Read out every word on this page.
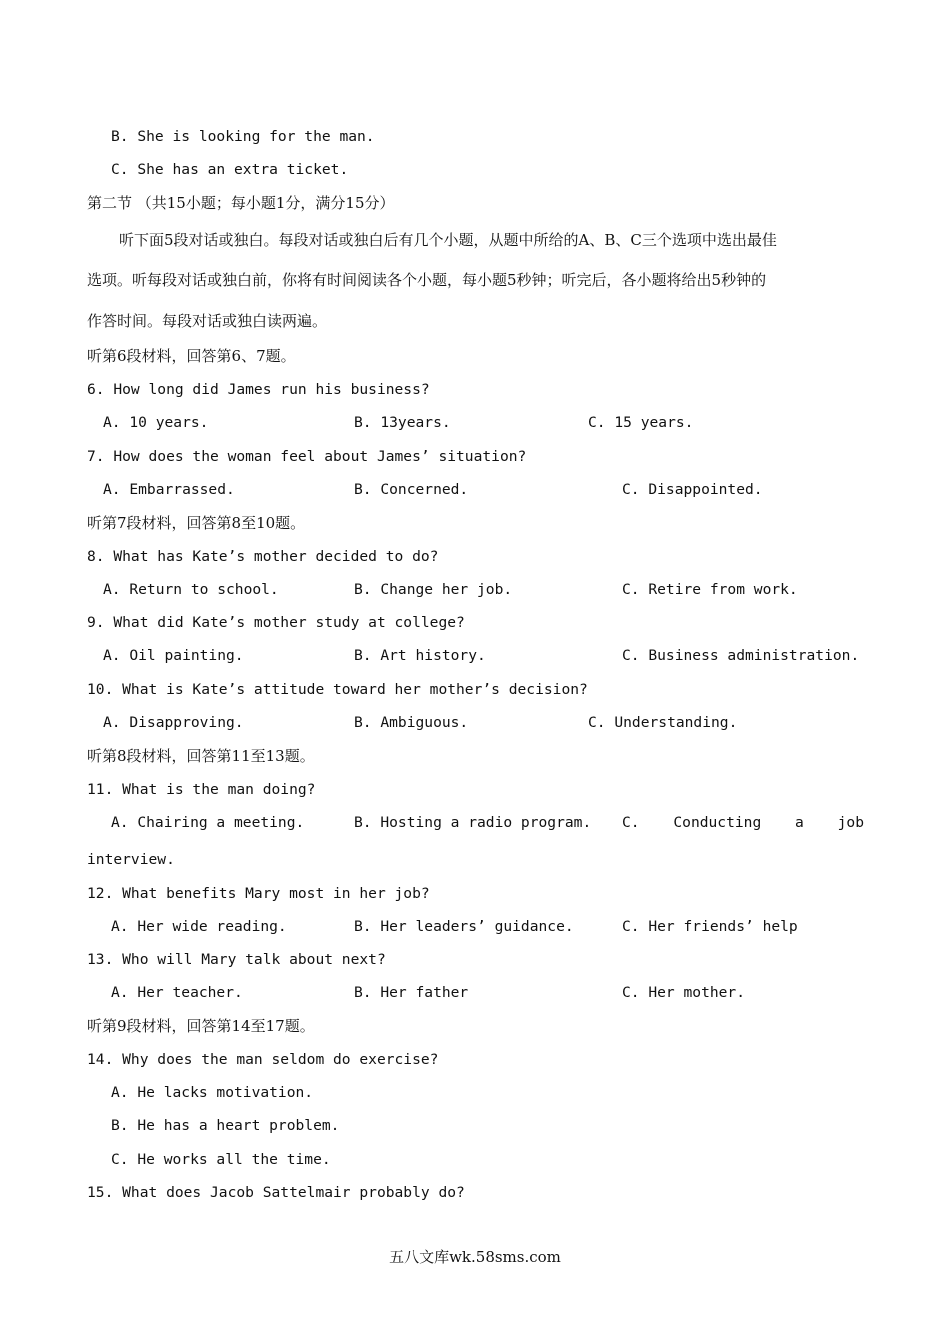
B. She is looking for the man.
C. She has an extra ticket.
第二节 （共15小题；每小题1分，满分15分）
听下面5段对话或独白。每段对话或独白后有几个小题，从题中所给的A、B、C三个选项中选出最佳
选项。听每段对话或独白前，你将有时间阅读各个小题，每小题5秒钟；听完后，各小题将给出5秒钟的
作答时间。每段对话或独白读两遍。
听第6段材料，回答第6、7题。
6. How long did James run his business?
A. 10 years.	B. 13years.	C. 15 years.
7. How does the woman feel about James’ situation?
A. Embarrassed.	B. Concerned.	C. Disappointed.
听第7段材料，回答第8至10题。
8. What has Kate’s mother decided to do?
A. Return to school.	B. Change her job.	C. Retire from work.
9. What did Kate’s mother study at college?
A. Oil painting.	B. Art history.	C. Business administration.
10. What is Kate’s attitude toward her mother’s decision?
A. Disapproving.	B. Ambiguous.	C. Understanding.
听第8段材料，回答第11至13题。
11. What is the man doing?
A. Chairing a meeting.	B. Hosting a radio program. C. Conducting a job
interview.
12. What benefits Mary most in her job?
A. Her wide reading.	B. Her leaders’ guidance.	C. Her friends’ help
13. Who will Mary talk about next?
A. Her teacher.	B. Her father	C. Her mother.
听第9段材料，回答第14至17题。
14. Why does the man seldom do exercise?
A. He lacks motivation.
B. He has a heart problem.
C. He works all the time.
15. What does Jacob Sattelmair probably do?
五八文库wk.58sms.com
